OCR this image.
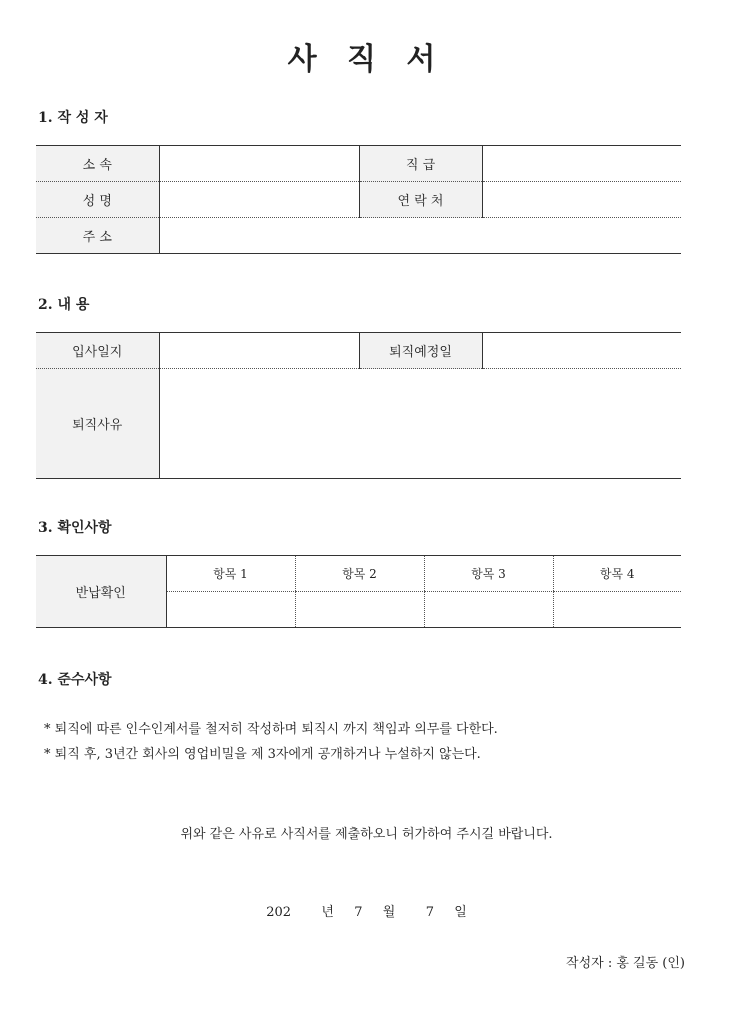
사 직 서
1. 작 성 자
소 속		직 급	
성 명		연 락 처	
주 소			
2. 내 용
입사일지		퇴직예정일	
퇴직사유			
3. 확인사항
반납확인	항목 1	항목 2	항목 3	항목 4

4. 준수사항
* 퇴직에 따른 인수인계서를 철저히 작성하며 퇴직시 까지 책임과 의무를 다한다.
* 퇴직 후, 3년간 회사의 영업비밀을 제 3자에게 공개하거나 누설하지 않는다.
위와 같은 사유로 사직서를 제출하오니 허가하여 주시길 바랍니다.
202   년  7  월   7  일
작성자 : 홍 길동 (인)
